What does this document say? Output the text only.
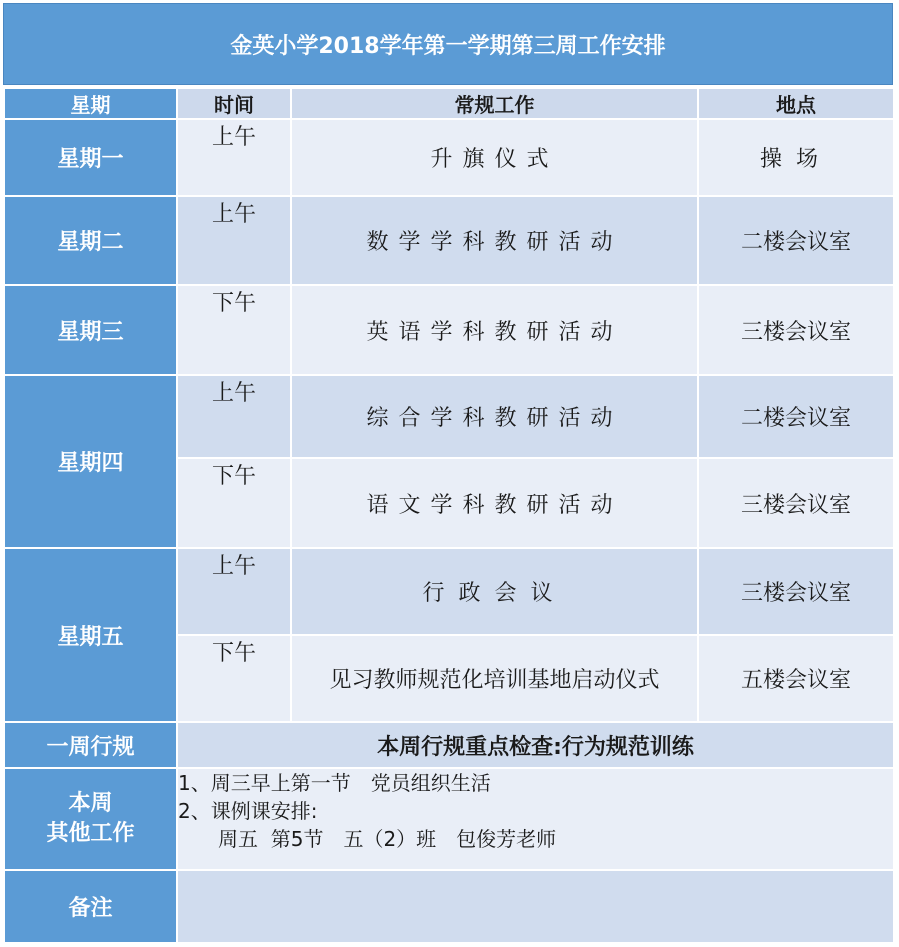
金英小学2018学年第一学期第三周工作安排
星期	时间	常规工作	地点
星期一	上午	升旗仪式	操场
星期二	上午	数学学科教研活动	二楼会议室
星期三	下午	英语学科教研活动	三楼会议室
星期四	上午	综合学科教研活动	二楼会议室
	下午	语文学科教研活动	三楼会议室
星期五	上午	行政会议	三楼会议室
	下午	见习教师规范化培训基地启动仪式	五楼会议室
一周行规	本周行规重点检查:行为规范训练		

本周
其他工作	1、周三早上第一节　党员组织生活
2、课例课安排:
　　周五  第5节　五（2）班　包俊芳老师		

备注			
